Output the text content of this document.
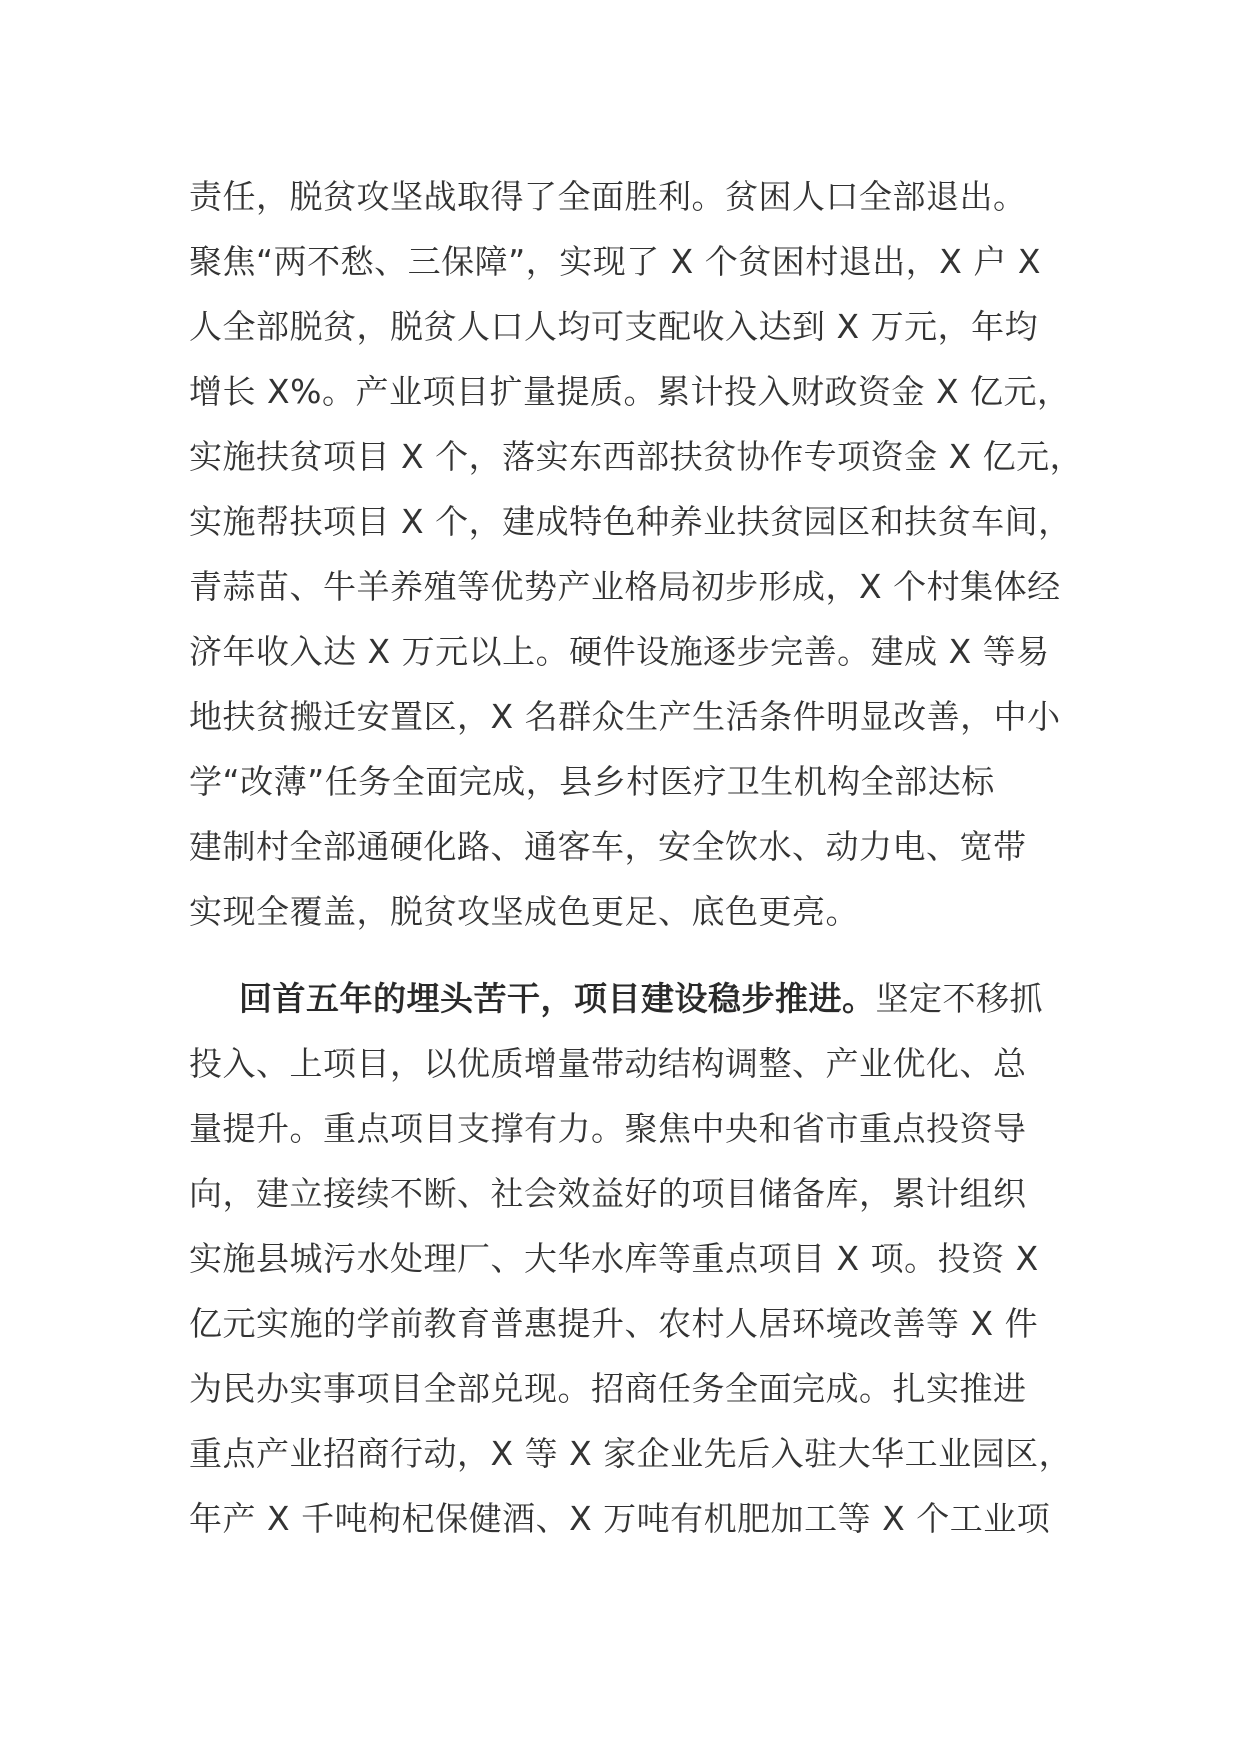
责任，脱贫攻坚战取得了全面胜利。贫困人口全部退出。
聚焦“两不愁、三保障”，实现了 X 个贫困村退出，X 户 X
人全部脱贫，脱贫人口人均可支配收入达到 X 万元，年均
增长 X%。产业项目扩量提质。累计投入财政资金 X 亿元，
实施扶贫项目 X 个，落实东西部扶贫协作专项资金 X 亿元，
实施帮扶项目 X 个，建成特色种养业扶贫园区和扶贫车间，
青蒜苗、牛羊养殖等优势产业格局初步形成，X 个村集体经
济年收入达 X 万元以上。硬件设施逐步完善。建成 X 等易
地扶贫搬迁安置区，X 名群众生产生活条件明显改善，中小
学“改薄”任务全面完成，县乡村医疗卫生机构全部达标
建制村全部通硬化路、通客车，安全饮水、动力电、宽带
实现全覆盖，脱贫攻坚成色更足、底色更亮。
回首五年的埋头苦干，项目建设稳步推进。坚定不移抓
投入、上项目，以优质增量带动结构调整、产业优化、总
量提升。重点项目支撑有力。聚焦中央和省市重点投资导
向，建立接续不断、社会效益好的项目储备库，累计组织
实施县城污水处理厂、大华水库等重点项目 X 项。投资 X
亿元实施的学前教育普惠提升、农村人居环境改善等 X 件
为民办实事项目全部兑现。招商任务全面完成。扎实推进
重点产业招商行动，X 等 X 家企业先后入驻大华工业园区，
年产 X 千吨枸杞保健酒、X 万吨有机肥加工等 X 个工业项
